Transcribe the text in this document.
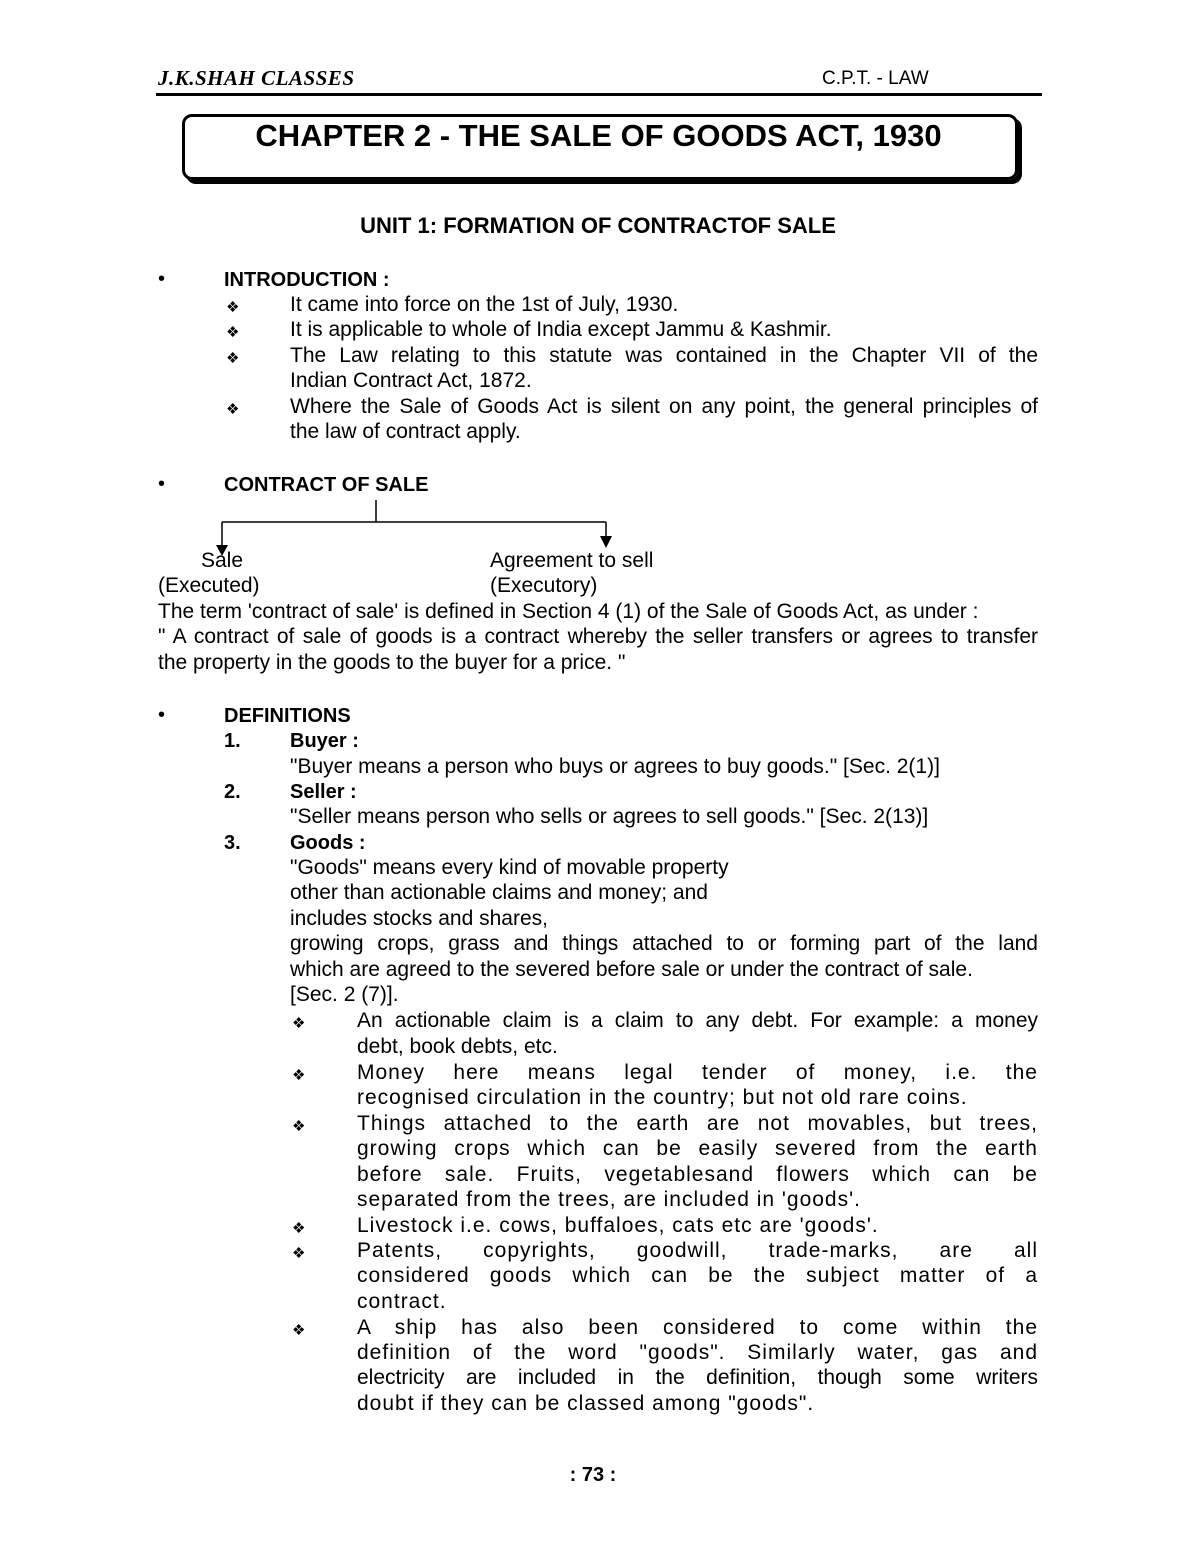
J.K.SHAH CLASSES	C.P.T. - LAW
CHAPTER 2 - THE SALE OF GOODS ACT, 1930
UNIT 1: FORMATION OF CONTRACTOF SALE
•	INTRODUCTION :
❖ It came into force on the 1st of July, 1930.
❖ It is applicable to whole of India except Jammu & Kashmir.
❖ The Law relating to this statute was contained in the Chapter VII of the
Indian Contract Act, 1872.
❖ Where the Sale of Goods Act is silent on any point, the general principles of
the law of contract apply.
•	CONTRACT OF SALE
Sale
(Executed)
Agreement to sell
(Executory)
The term 'contract of sale' is defined in Section 4 (1) of the Sale of Goods Act, as under :
" A contract of sale of goods is a contract whereby the seller transfers or agrees to transfer
the property in the goods to the buyer for a price. "
•	DEFINITIONS
1. Buyer :
"Buyer means a person who buys or agrees to buy goods." [Sec. 2(1)]
2. Seller :
"Seller means person who sells or agrees to sell goods." [Sec. 2(13)]
3. Goods :
"Goods" means every kind of movable property
other than actionable claims and money; and
includes stocks and shares,
growing crops, grass and things attached to or forming part of the land
which are agreed to the severed before sale or under the contract of sale.
[Sec. 2 (7)].
❖ An actionable claim is a claim to any debt. For example: a money
debt, book debts, etc.
❖ Money here means legal tender of money, i.e. the
recognised circulation in the country; but not old rare coins.
❖ Things attached to the earth are not movables, but trees,
growing crops which can be easily severed from the earth
before sale. Fruits, vegetablesand flowers which can be
separated from the trees, are included in 'goods'.
❖ Livestock i.e. cows, buffaloes, cats etc are 'goods'.
❖ Patents, copyrights, goodwill, trade-marks, are all
considered goods which can be the subject matter of a
contract.
❖ A ship has also been considered to come within the
definition of the word "goods". Similarly water, gas and
electricity are included in the definition, though some writers
doubt if they can be classed among "goods".
: 73 :
